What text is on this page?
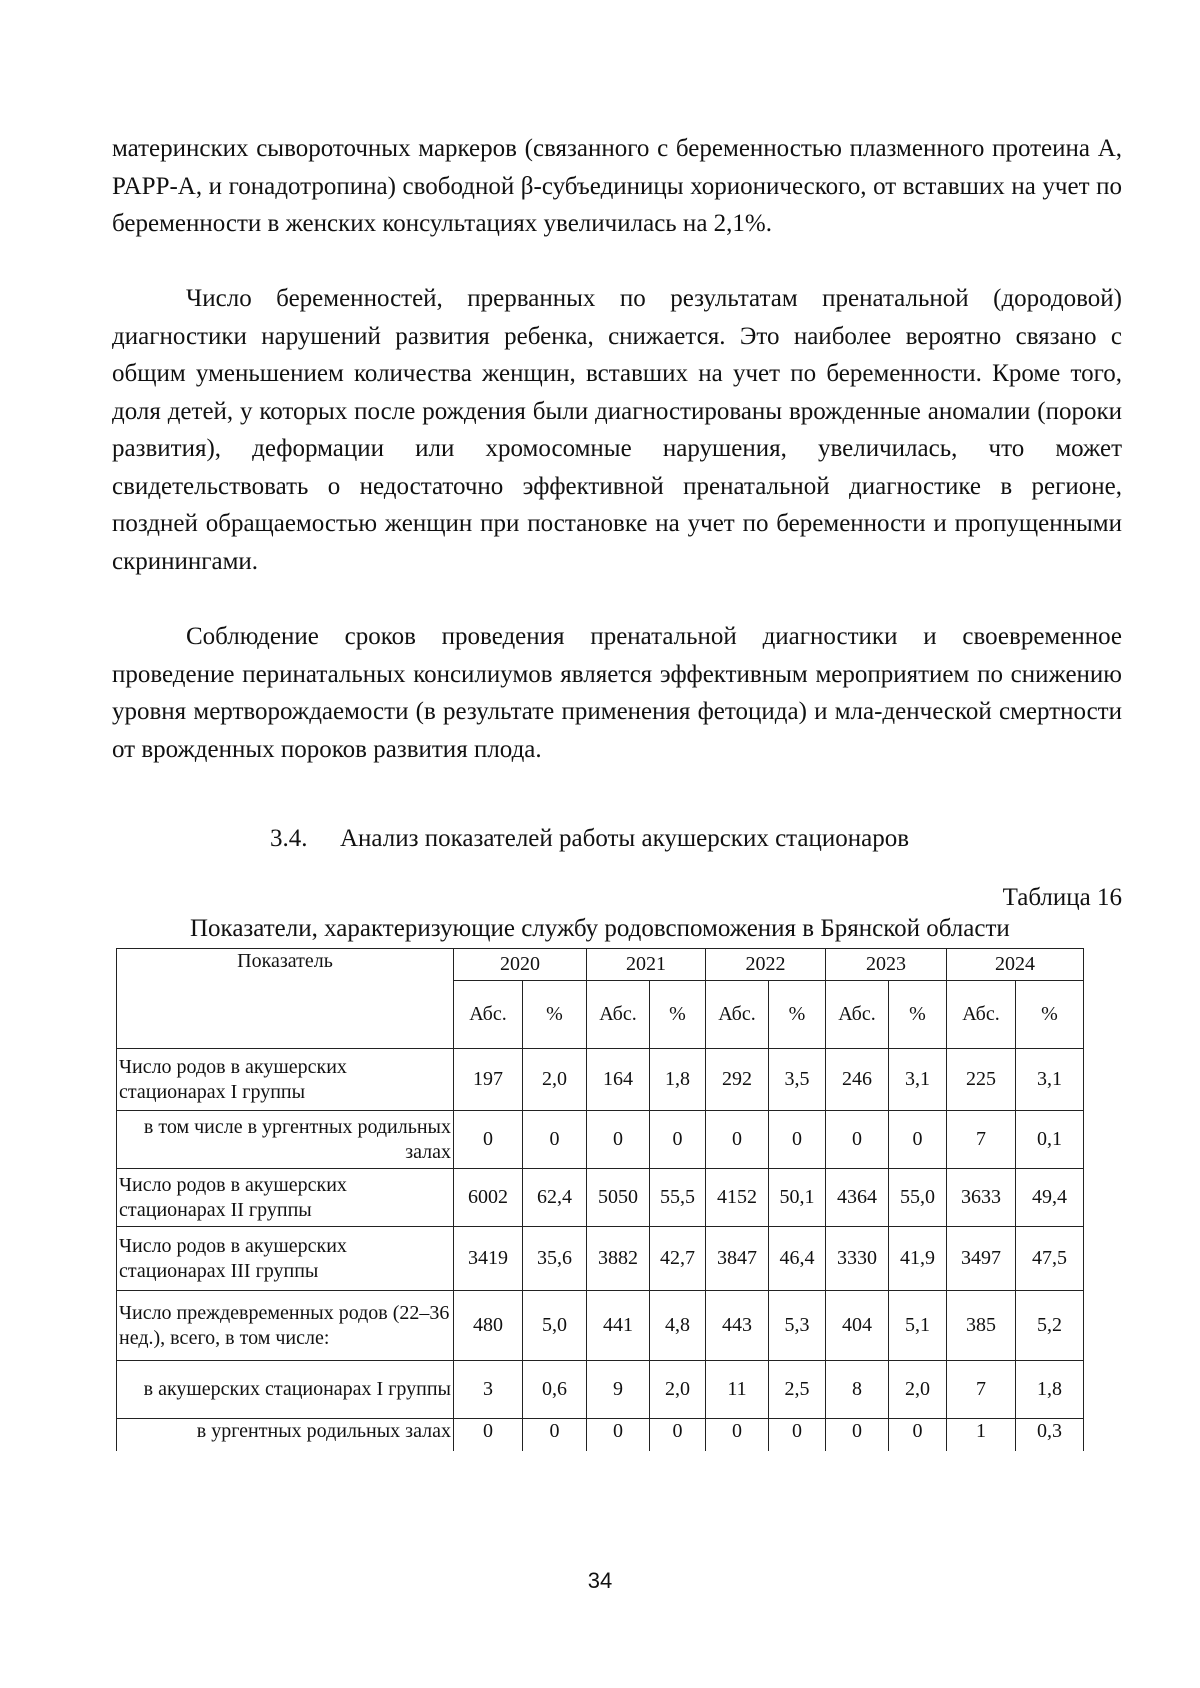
материнских сывороточных маркеров (связанного с беременностью плазменного протеина А, PAPP-A, и гонадотропина) свободной β-субъединицы хорионического, от вставших на учет по беременности в женских консультациях увеличилась на 2,1%.

Число беременностей, прерванных по результатам пренатальной (дородовой) диагностики нарушений развития ребенка, снижается. Это наиболее вероятно связано с общим уменьшением количества женщин, вставших на учет по беременности. Кроме того, доля детей, у которых после рождения были диагностированы врожденные аномалии (пороки развития), деформации или хромосомные нарушения, увеличилась, что может свидетельствовать о недостаточно эффективной пренатальной диагностике в регионе, поздней обращаемостью женщин при постановке на учет по беременности и пропущенными скринингами.

Соблюдение сроков проведения пренатальной диагностики и своевременное проведение перинатальных консилиумов является эффективным мероприятием по снижению уровня мертворождаемости (в результате применения фетоцида) и мла-денческой смертности от врожденных пороков развития плода.

3.4. Анализ показателей работы акушерских стационаров
Таблица 16
Показатели, характеризующие службу родовспоможения в Брянской области
Показатель	2020		2021		2022		2023		2024	
	Абс.	%	Абс.	%	Абс.	%	Абс.	%	Абс.	%
Число родов в акушерских стационарах I группы	197	2,0	164	1,8	292	3,5	246	3,1	225	3,1
в том числе в ургентных родильных залах	0	0	0	0	0	0	0	0	7	0,1
Число родов в акушерских стационарах II группы	6002	62,4	5050	55,5	4152	50,1	4364	55,0	3633	49,4
Число родов в акушерских стационарах III группы	3419	35,6	3882	42,7	3847	46,4	3330	41,9	3497	47,5
Число преждевременных родов (22–36 нед.), всего, в том числе:	480	5,0	441	4,8	443	5,3	404	5,1	385	5,2
в акушерских стационарах I группы	3	0,6	9	2,0	11	2,5	8	2,0	7	1,8
в ургентных родильных залах	0	0	0	0	0	0	0	0	1	0,3
34
